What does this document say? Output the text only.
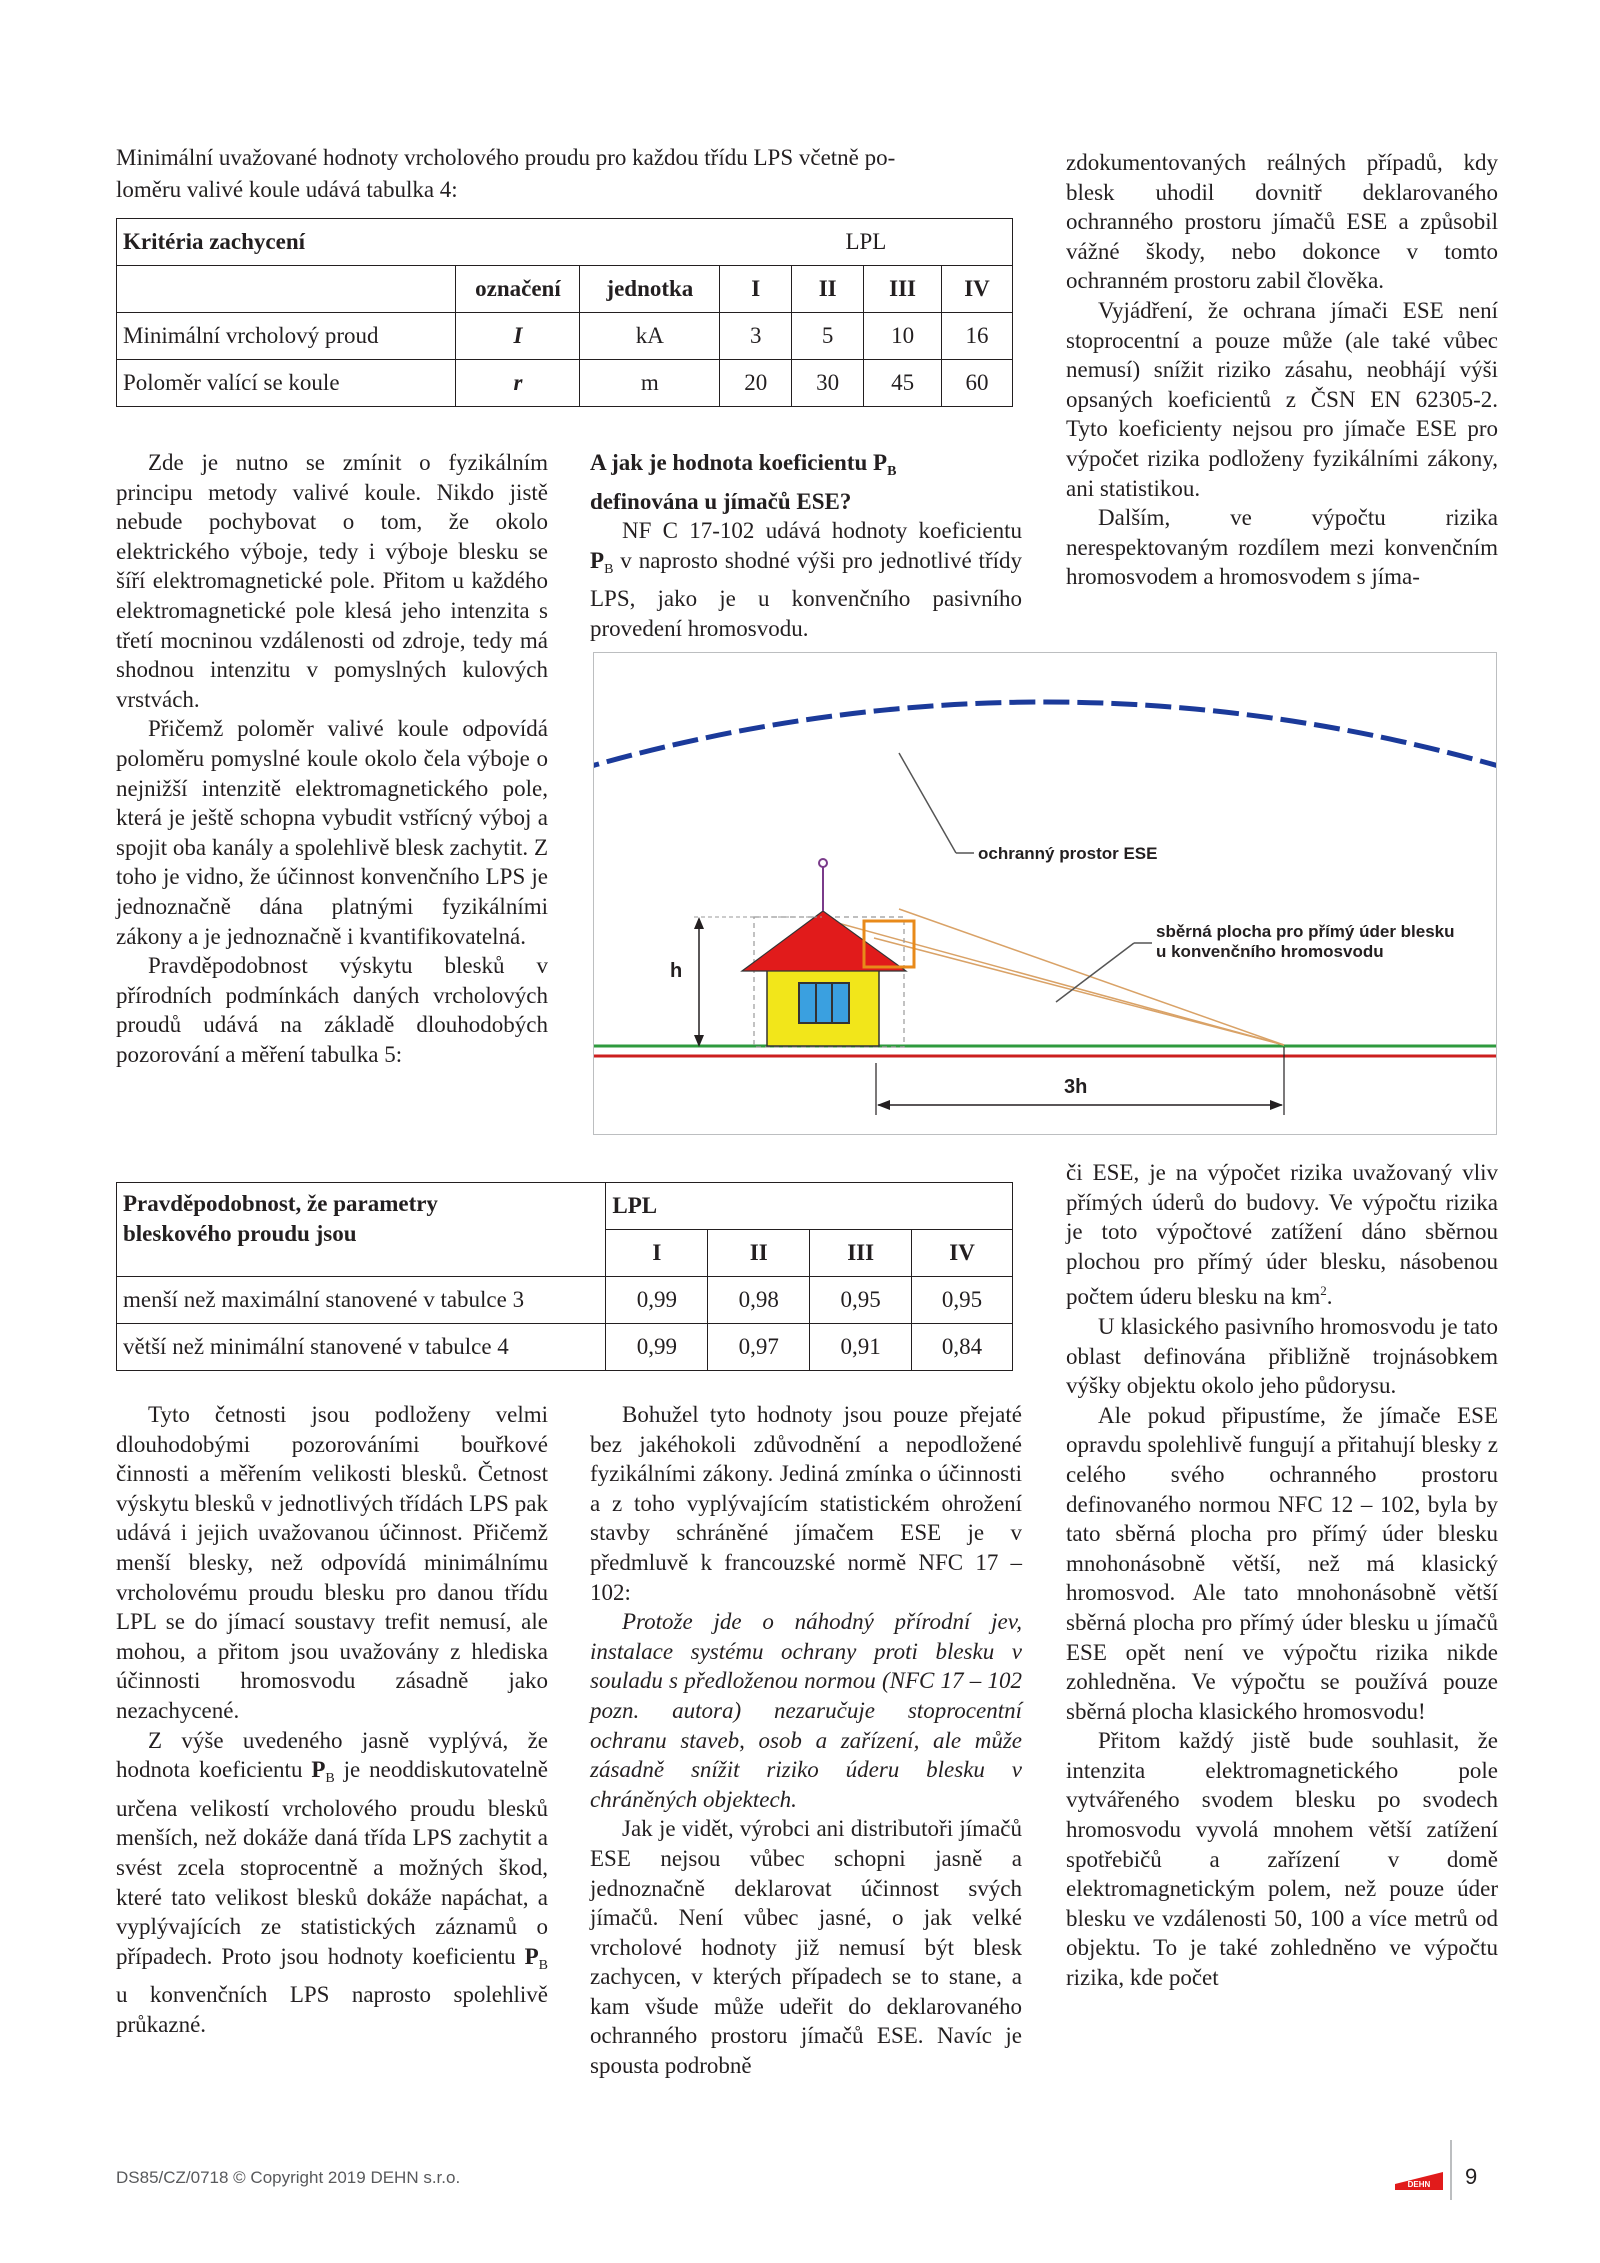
Minimální uvažované hodnoty vrcholového proudu pro každou třídu LPS včetně po-
loměru valivé koule udává tabulka 4:
Kritéria zachycení			LPL			
	označení	jednotka	I	II	III	IV
Minimální vrcholový proud	I	kA	3	5	10	16
Poloměr valící se koule	r	m	20	30	45	60

Zde je nutno se zmínit o fyzikálním principu metody valivé koule. Nikdo jistě nebude pochybovat o tom, že okolo elektrického výboje, tedy i výboje blesku se šíří elektromagnetické pole. Přitom u každého elektromagnetické pole klesá jeho intenzita s třetí mocninou vzdálenosti od zdroje, tedy má shodnou intenzitu v pomyslných kulových vrstvách.

Přičemž poloměr valivé koule odpovídá poloměru pomyslné koule okolo čela výboje o nejnižší intenzitě elektromagnetického pole, která je ještě schopna vybudit vstřícný výboj a spojit oba kanály a spolehlivě blesk zachytit. Z toho je vidno, že účinnost konvenčního LPS je jednoznačně dána platnými fyzikálními zákony a je jednoznačně i kvantifikovatelná.

Pravděpodobnost výskytu blesků v přírodních podmínkách daných vrcholových proudů udává na základě dlouhodobých pozorování a měření tabulka 5:

A jak je hodnota koeficientu $P_B$
definována u jímačů ESE?

NF C 17-102 udává hodnoty koeficientu $P_B$ v naprosto shodné výši pro jednotlivé třídy LPS, jako je u konvenčního pasivního provedení hromosvodu.

zdokumentovaných reálných případů, kdy blesk uhodil dovnitř deklarovaného ochranného prostoru jímačů ESE a způsobil vážné škody, nebo dokonce v tomto ochranném prostoru zabil člověka.

Vyjádření, že ochrana jímači ESE není stoprocentní a pouze může (ale také vůbec nemusí) snížit riziko zásahu, neobhájí výši opsaných koeficientů z ČSN EN 62305-2. Tyto koeficienty nejsou pro jímače ESE pro výpočet rizika podloženy fyzikálními zákony, ani statistikou.

Dalším, ve výpočtu rizika nerespektovaným rozdílem mezi konvenčním hromosvodem a hromosvodem s jíma-

ochranný prostor ESE
h
3h
sběrná plocha pro přímý úder blesku
u konvenčního hromosvodu
Pravděpodobnost, že parametry
bleskového proudu jsou	LPL			
	I	II	III	IV
menší než maximální stanovené v tabulce 3	0,99	0,98	0,95	0,95
větší než minimální stanovené v tabulce 4	0,99	0,97	0,91	0,84

či ESE, je na výpočet rizika uvažovaný vliv přímých úderů do budovy. Ve výpočtu rizika je toto výpočtové zatížení dáno sběrnou plochou pro přímý úder blesku, násobenou počtem úderu blesku na $km^2$.

U klasického pasivního hromosvodu je tato oblast definována přibližně trojnásobkem výšky objektu okolo jeho půdorysu.

Ale pokud připustíme, že jímače ESE opravdu spolehlivě fungují a přitahují blesky z celého svého ochranného prostoru definovaného normou NFC 12 – 102, byla by tato sběrná plocha pro přímý úder blesku mnohonásobně větší, než má klasický hromosvod. Ale tato mnohonásobně větší sběrná plocha pro přímý úder blesku u jímačů ESE opět není ve výpočtu rizika nikde zohledněna. Ve výpočtu se používá pouze sběrná plocha klasického hromosvodu!

Přitom každý jistě bude souhlasit, že intenzita elektromagnetického pole vytvářeného svodem blesku po svodech hromosvodu vyvolá mnohem větší zatížení spotřebičů a zařízení v domě elektromagnetickým polem, než pouze úder blesku ve vzdálenosti 50, 100 a více metrů od objektu. To je také zohledněno ve výpočtu rizika, kde počet

Tyto četnosti jsou podloženy velmi dlouhodobými pozorováními bouřkové činnosti a měřením velikosti blesků. Četnost výskytu blesků v jednotlivých třídách LPS pak udává i jejich uvažovanou účinnost. Přičemž menší blesky, než odpovídá minimálnímu vrcholovému proudu blesku pro danou třídu LPL se do jímací soustavy trefit nemusí, ale mohou, a přitom jsou uvažovány z hlediska účinnosti hromosvodu zásadně jako nezachycené.

Z výše uvedeného jasně vyplývá, že hodnota koeficientu $P_B$ je neoddiskutovatelně určena velikostí vrcholového proudu blesků menších, než dokáže daná třída LPS zachytit a svést zcela stoprocentně a možných škod, které tato velikost blesků dokáže napáchat, a vyplývajících ze statistických záznamů o případech. Proto jsou hodnoty koeficientu $P_B$ u konvenčních LPS naprosto spolehlivě průkazné.

Bohužel tyto hodnoty jsou pouze přejaté bez jakéhokoli zdůvodnění a nepodložené fyzikálními zákony. Jediná zmínka o účinnosti a z toho vyplývajícím statistickém ohrožení stavby schráněné jímačem ESE je v předmluvě k francouzské normě NFC 17 – 102:

Protože jde o náhodný přírodní jev, instalace systému ochrany proti blesku v souladu s předloženou normou (NFC 17 – 102 pozn. autora) nezaručuje stoprocentní ochranu staveb, osob a zařízení, ale může zásadně snížit riziko úderu blesku v chráněných objektech.

Jak je vidět, výrobci ani distributoři jímačů ESE nejsou vůbec schopni jasně a jednoznačně deklarovat účinnost svých jímačů. Není vůbec jasné, o jak velké vrcholové hodnoty již nemusí být blesk zachycen, v kterých případech se to stane, a kam všude může udeřit do deklarovaného ochranného prostoru jímačů ESE. Navíc je spousta podrobně

DS85/CZ/0718 © Copyright 2019 DEHN s.r.o.	DEHN 9
